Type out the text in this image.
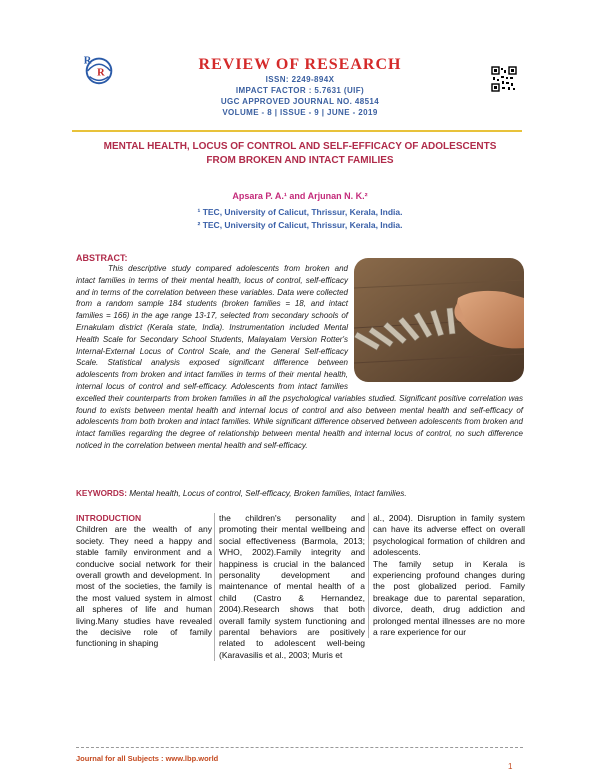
R
R
REVIEW OF RESEARCH
ISSN: 2249-894X
IMPACT FACTOR : 5.7631 (UIF)
UGC APPROVED JOURNAL NO. 48514
VOLUME - 8 | ISSUE - 9 | JUNE - 2019
MENTAL HEALTH, LOCUS OF CONTROL AND SELF-EFFICACY OF ADOLESCENTS FROM BROKEN AND INTACT FAMILIES
Apsara P. A.¹ and Arjunan N. K.²
¹ TEC, University of Calicut, Thrissur, Kerala, India.
² TEC, University of Calicut, Thrissur, Kerala, India.
ABSTRACT:
This descriptive study compared adolescents from broken and intact families in terms of their mental health, locus of control, self-efficacy and in terms of the correlation between these variables. Data were collected from a random sample 184 students (broken families = 18, and intact families = 166) in the age range 13-17, selected from secondary schools of Ernakulam district (Kerala state, India). Instrumentation included Mental Health Scale for Secondary School Students, Malayalam Version Rotter's Internal-External Locus of Control Scale, and the General Self-efficacy Scale. Statistical analysis exposed significant difference between adolescents from broken and intact families in terms of their mental health, internal locus of control and self-efficacy. Adolescents from intact families excelled their counterparts from broken families in all the psychological variables studied. Significant positive correlation was found to exists between mental health and internal locus of control and also between mental health and self-efficacy of adolescents from both broken and intact families. While significant difference observed between adolescents from broken and intact families regarding the degree of relationship between mental health and internal locus of control, no such difference noticed in the correlation between mental health and self-efficacy.
KEYWORDS: Mental health, Locus of control, Self-efficacy, Broken families, Intact families.
INTRODUCTION
Children are the wealth of any society. They need a happy and stable family environment and a conducive social network for their overall growth and development. In most of the societies, the family is the most valued system in almost all spheres of life and human living.Many studies have revealed the decisive role of family functioning in shaping
the children's personality and promoting their mental wellbeing and social effectiveness (Barmola, 2013; WHO, 2002).Family integrity and happiness is crucial in the balanced personality development and maintenance of mental health of a child (Castro & Hernandez, 2004).Research shows that both overall family system functioning and parental behaviors are positively related to adolescent well-being (Karavasilis et al., 2003; Muris et
al., 2004). Disruption in family system can have its adverse effect on overall psychological formation of children and adolescents.
The family setup in Kerala is experiencing profound changes during the post globalized period. Family breakage due to parental separation, divorce, death, drug addiction and prolonged mental illnesses are no more a rare experience for our
Journal for all Subjects : www.lbp.world
1
